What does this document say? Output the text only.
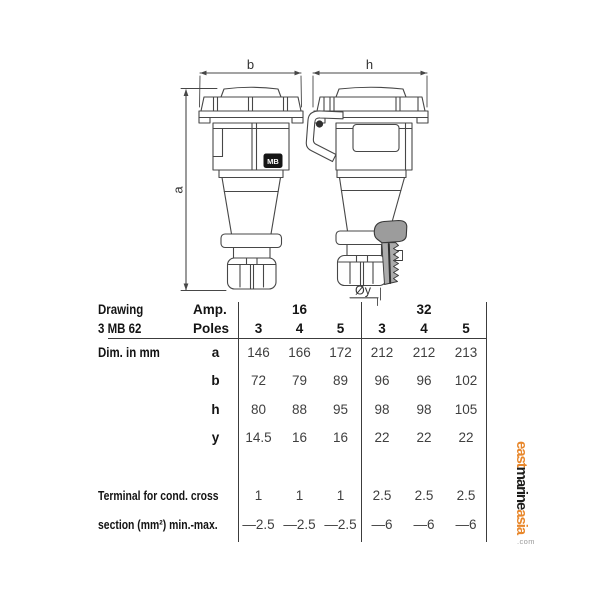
b
a
MB
h
Øy
Drawing	Amp.	16	32
3 MB 62	Poles	3	4	5	3	4	5
Dim. in mm	a	146	166	172	212	212	213
b	72	79	89	96	96	102
h	80	88	95	98	98	105
y	14.5	16	16	22	22	22
Terminal for cond. cross	1	1	1	2.5	2.5	2.5
section (mm²) min.-max.	—2.5 —2.5 —2.5	—6	—6	—6
eastmarineasia
.com
